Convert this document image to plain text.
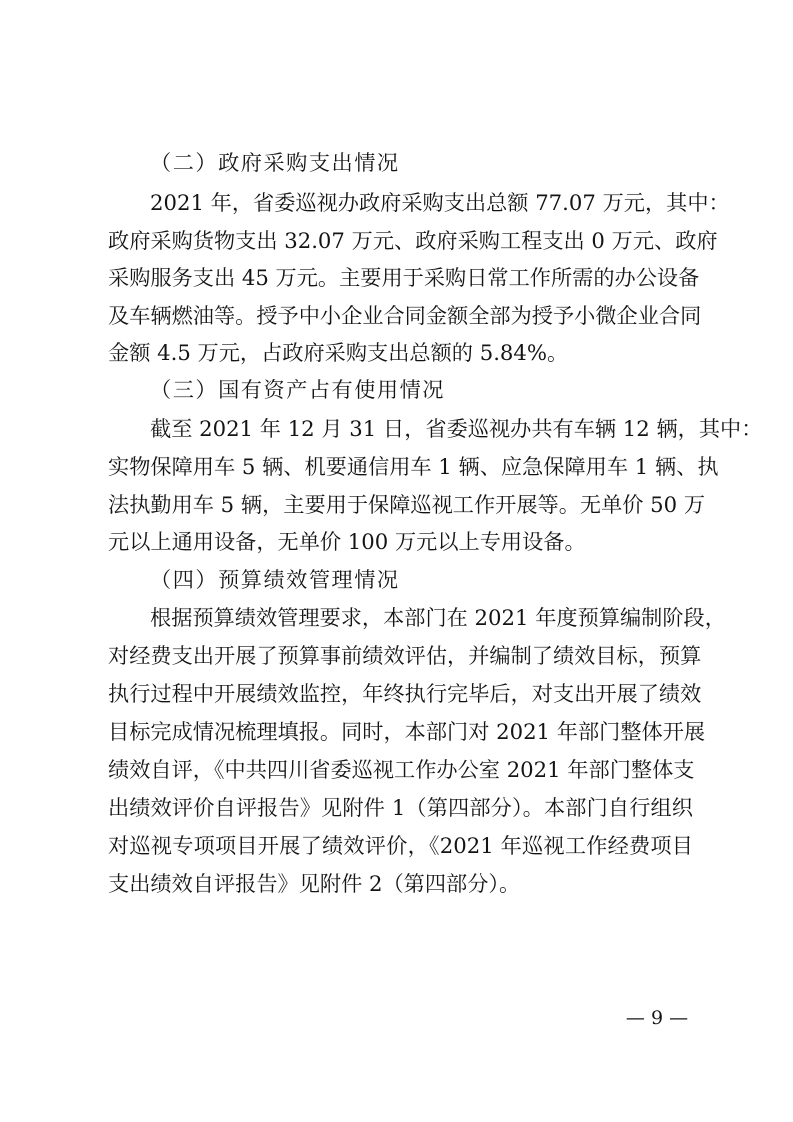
（二）政府采购支出情况
2021 年，省委巡视办政府采购支出总额 77.07 万元，其中：
政府采购货物支出 32.07 万元、政府采购工程支出 0 万元、政府
采购服务支出 45 万元。主要用于采购日常工作所需的办公设备
及车辆燃油等。授予中小企业合同金额全部为授予小微企业合同
金额 4.5 万元，占政府采购支出总额的 5.84%。
（三）国有资产占有使用情况
截至 2021 年 12 月 31 日，省委巡视办共有车辆 12 辆，其中：
实物保障用车 5 辆、机要通信用车 1 辆、应急保障用车 1 辆、执
法执勤用车 5 辆，主要用于保障巡视工作开展等。无单价 50 万
元以上通用设备，无单价 100 万元以上专用设备。
（四）预算绩效管理情况
根据预算绩效管理要求，本部门在 2021 年度预算编制阶段，
对经费支出开展了预算事前绩效评估，并编制了绩效目标，预算
执行过程中开展绩效监控，年终执行完毕后，对支出开展了绩效
目标完成情况梳理填报。同时，本部门对 2021 年部门整体开展
绩效自评，《中共四川省委巡视工作办公室 2021 年部门整体支
出绩效评价自评报告》见附件 1（第四部分）。本部门自行组织
对巡视专项项目开展了绩效评价，《2021 年巡视工作经费项目
支出绩效自评报告》见附件 2（第四部分）。
— 9 —
